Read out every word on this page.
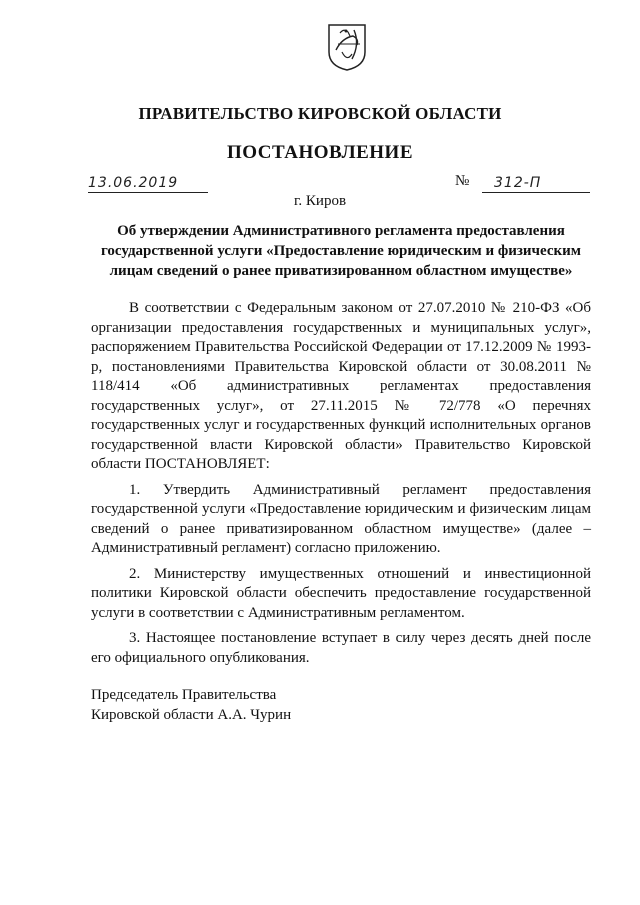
ПРАВИТЕЛЬСТВО КИРОВСКОЙ ОБЛАСТИ
ПОСТАНОВЛЕНИЕ
13.06.2019	№ 312-П
г. Киров
Об утверждении Административного регламента предоставления государственной услуги «Предоставление юридическим и физическим лицам сведений о ранее приватизированном областном имуществе»

В соответствии с Федеральным законом от 27.07.2010 № 210-ФЗ «Об организации предоставления государственных и муниципальных услуг», распоряжением Правительства Российской Федерации от 17.12.2009 № 1993-р, постановлениями Правительства Кировской области от 30.08.2011 № 118/414 «Об административных регламентах предоставления государственных услуг», от 27.11.2015 № 72/778 «О перечнях государственных услуг и государственных функций исполнительных органов государственной власти Кировской области» Правительство Кировской области ПОСТАНОВЛЯЕТ:

1. Утвердить Административный регламент предоставления государственной услуги «Предоставление юридическим и физическим лицам сведений о ранее приватизированном областном имуществе» (далее – Административный регламент) согласно приложению.

2. Министерству имущественных отношений и инвестиционной политики Кировской области обеспечить предоставление государственной услуги в соответствии с Административным регламентом.

3. Настоящее постановление вступает в силу через десять дней после его официального опубликования.

Председатель Правительства
Кировской области А.А. Чурин
